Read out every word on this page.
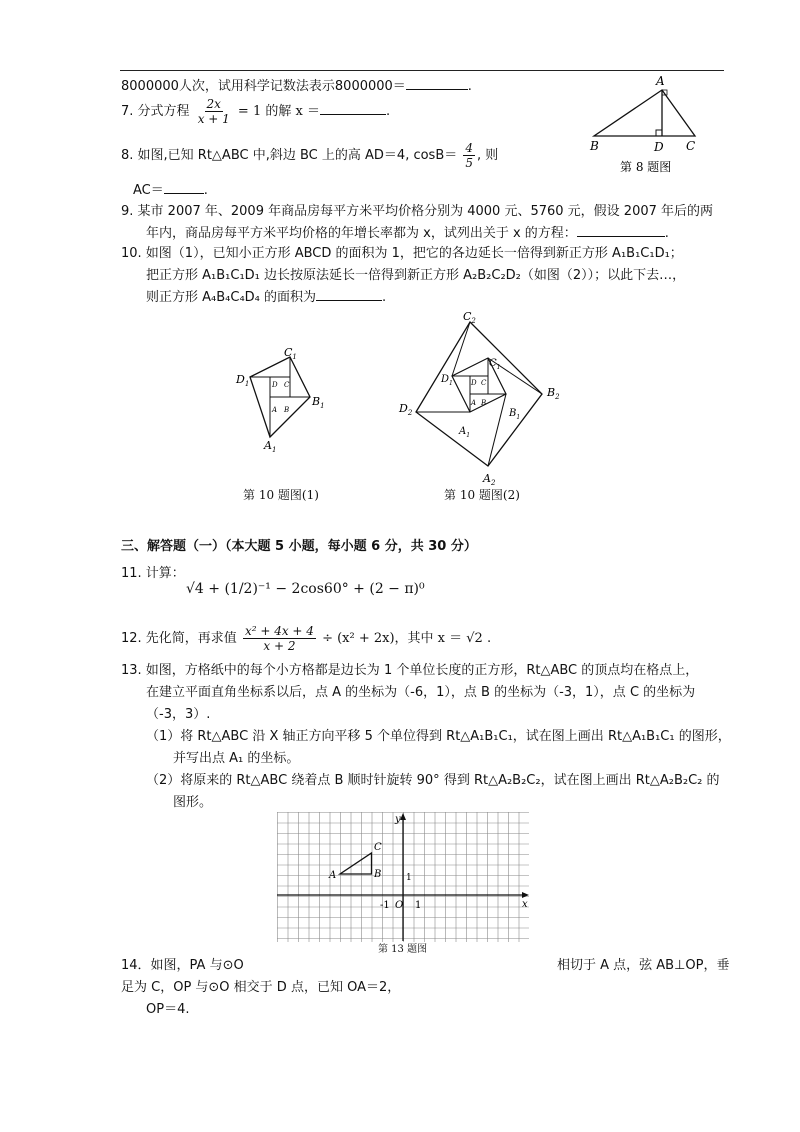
8000000人次，试用科学记数法表示8000000＝	.
7. 分式方程 $\frac{2x}{x + 1} = 1$ 的解 x ＝	.
A
B	D C
第 8 题图
8. 如图,已知 Rt△ABC 中,斜边 BC 上的高 AD＝4, $\cos B= \frac{4}{5}$ , 则
AC＝	.
9. 某市 2007 年、2009 年商品房每平方米平均价格分别为 4000 元、5760 元，假设 2007 年后的两
年内，商品房每平方米平均价格的年增长率都为 x，试列出关于 x 的方程：	.
10. 如图（1），已知小正方形 ABCD 的面积为 1，把它的各边延长一倍得到新正方形 A₁B₁C₁D₁；
把正方形 A₁B₁C₁D₁ 边长按原法延长一倍得到新正方形 A₂B₂C₂D₂（如图（2））；以此下去…，
则正方形 A₄B₄C₄D₄ 的面积为	.
$C_1$
$D_1$
$B_1$
$A_1$
D C
A B
第 10 题图(1)
$C_2$
$B_2$
$D_2$
$A_2$
$C_1$
$D_1$
$B_1$
$A_1$
D C
A B
第 10 题图(2)
三、解答题（一）（本大题 5 小题，每小题 6 分，共 30 分）
11. 计算：
√4 + (1/2)⁻¹ − 2cos60° + (2 − π)⁰
12. 先化简，再求值 $\frac{\text{x² + 4x + 4}}{x + 2} \div (x^2 + 2x)$，其中 x ＝ √2 .
13. 如图，方格纸中的每个小方格都是边长为 1 个单位长度的正方形，Rt△ABC 的顶点均在格点上，
在建立平面直角坐标系以后，点 A 的坐标为（-6，1），点 B 的坐标为（-3，1），点 C 的坐标为
（-3，3）.
（1）将 Rt△ABC 沿 X 轴正方向平移 5 个单位得到 Rt△A₁B₁C₁，试在图上画出 Rt△A₁B₁C₁ 的图形，
并写出点 A₁ 的坐标。
（2）将原来的 Rt△ABC 绕着点 B 顺时针旋转 90° 得到 Rt△A₂B₂C₂，试在图上画出 Rt△A₂B₂C₂ 的
图形。
A	B
C
y
x
1
-1 O 1
第 13 题图
14．如图，PA 与⊙O	相切于 A 点，弦 AB⊥OP，垂
足为 C，OP 与⊙O 相交于 D 点，已知 OA＝2，
OP＝4.
